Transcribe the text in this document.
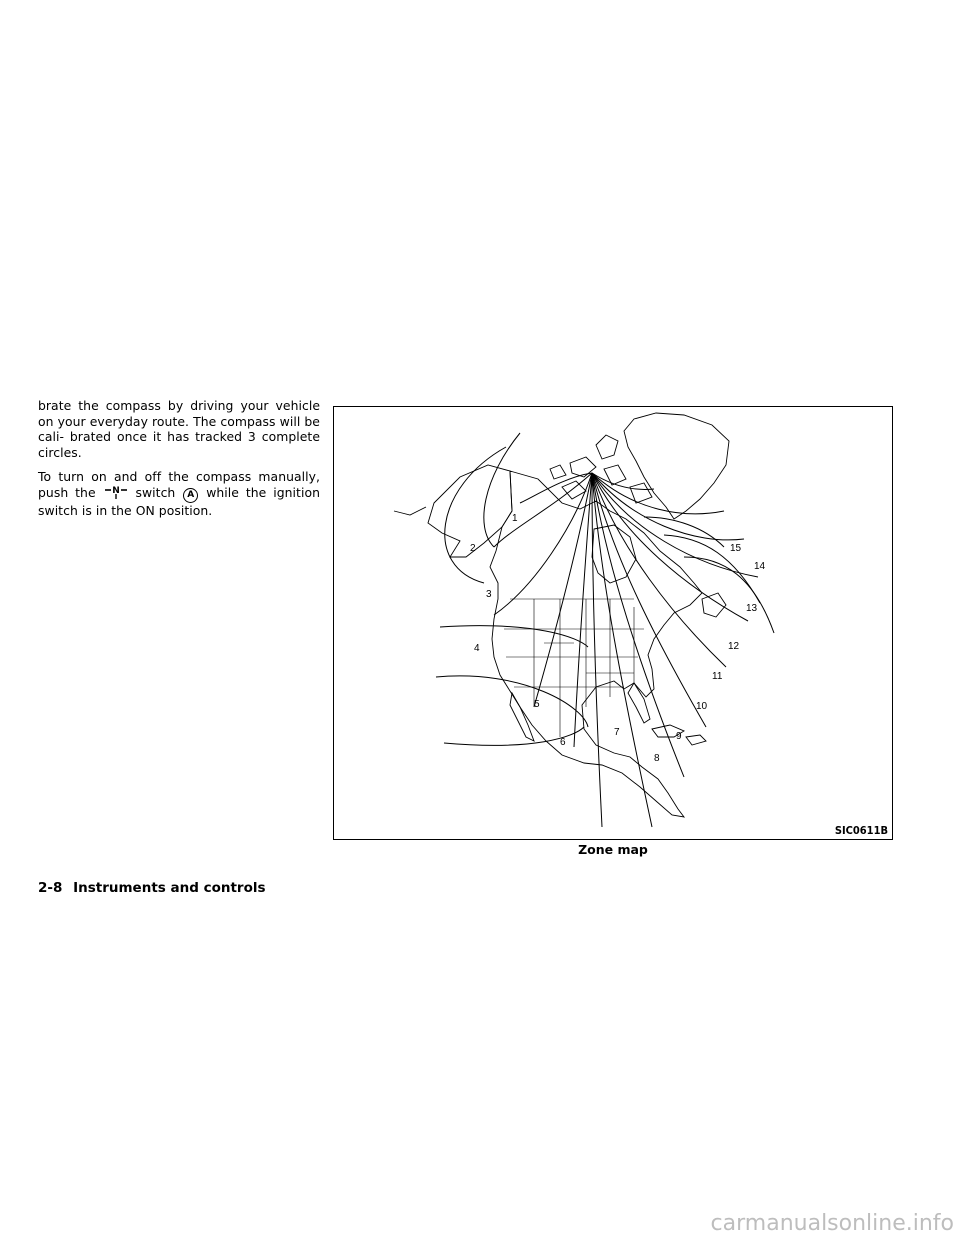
brate the compass by driving your vehicle on your everyday route. The compass will be cali- brated once it has tracked 3 complete circles.

To turn on and off the compass manually, push the N switch A while the ignition switch is in the ON position.

1
2
3
4
5
6
7
8
9
10
11
12
13
14
15
SIC0611B
Zone map
2-8 Instruments and controls
carmanualsonline.info
